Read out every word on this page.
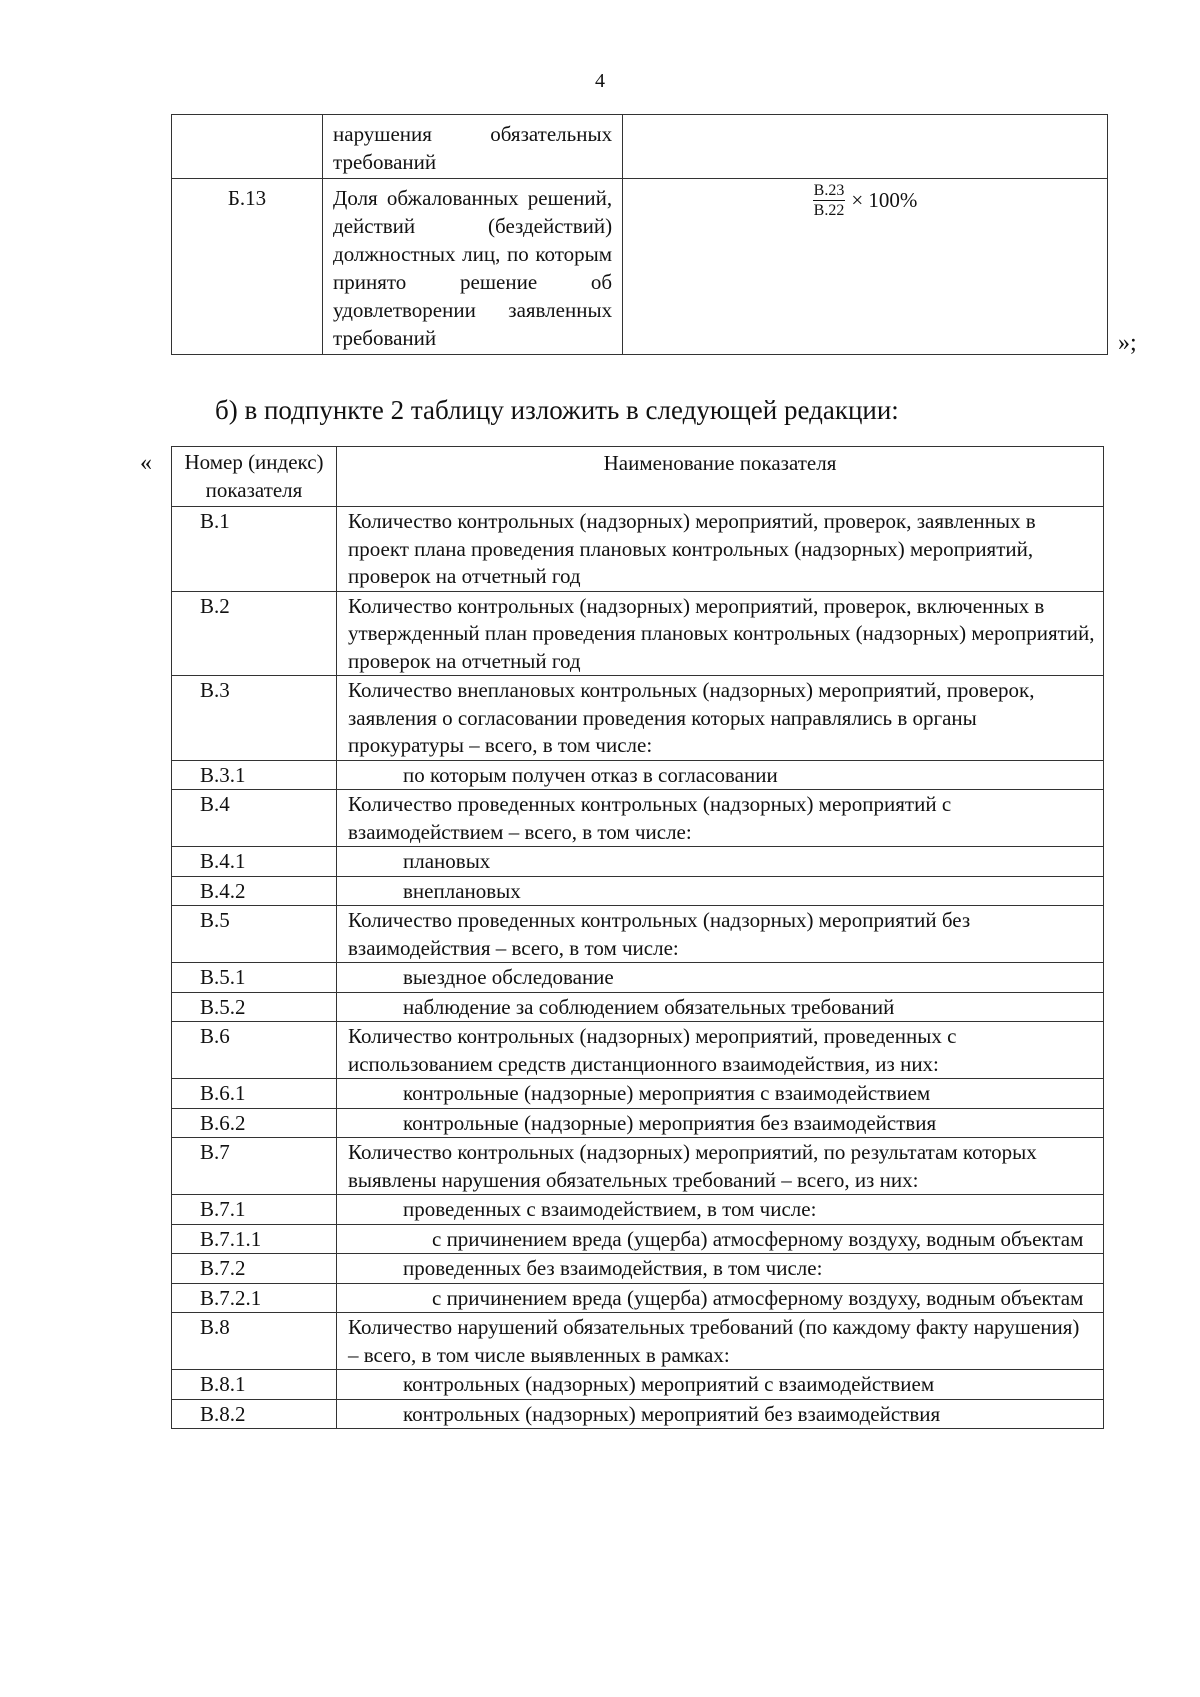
4
	нарушения обязательных требований	
Б.13	Доля обжалованных решений, действий (бездействий) должностных лиц, по которым принято решение об удовлетворении заявленных требований	$\frac{В.23}{В.22} \times 100\%$
»;
б) в подпункте 2 таблицу изложить в следующей редакции:
« Номер (индекс) показателя	Наименование показателя
В.1	Количество контрольных (надзорных) мероприятий, проверок, заявленных в проект плана проведения плановых контрольных (надзорных) мероприятий, проверок на отчетный год
В.2	Количество контрольных (надзорных) мероприятий, проверок, включенных в утвержденный план проведения плановых контрольных (надзорных) мероприятий, проверок на отчетный год
В.3	Количество внеплановых контрольных (надзорных) мероприятий, проверок, заявления о согласовании проведения которых направлялись в органы прокуратуры – всего, в том числе:
В.3.1	по которым получен отказ в согласовании
В.4	Количество проведенных контрольных (надзорных) мероприятий с взаимодействием – всего, в том числе:
В.4.1	плановых
В.4.2	внеплановых
В.5	Количество проведенных контрольных (надзорных) мероприятий без взаимодействия – всего, в том числе:
В.5.1	выездное обследование
В.5.2	наблюдение за соблюдением обязательных требований
В.6	Количество контрольных (надзорных) мероприятий, проведенных с использованием средств дистанционного взаимодействия, из них:
В.6.1	контрольные (надзорные) мероприятия с взаимодействием
В.6.2	контрольные (надзорные) мероприятия без взаимодействия
В.7	Количество контрольных (надзорных) мероприятий, по результатам которых выявлены нарушения обязательных требований – всего, из них:
В.7.1	проведенных с взаимодействием, в том числе:
В.7.1.1	с причинением вреда (ущерба) атмосферному воздуху, водным объектам
В.7.2	проведенных без взаимодействия, в том числе:
В.7.2.1	с причинением вреда (ущерба) атмосферному воздуху, водным объектам
В.8	Количество нарушений обязательных требований (по каждому факту нарушения) – всего, в том числе выявленных в рамках:
В.8.1	контрольных (надзорных) мероприятий с взаимодействием
В.8.2	контрольных (надзорных) мероприятий без взаимодействия
